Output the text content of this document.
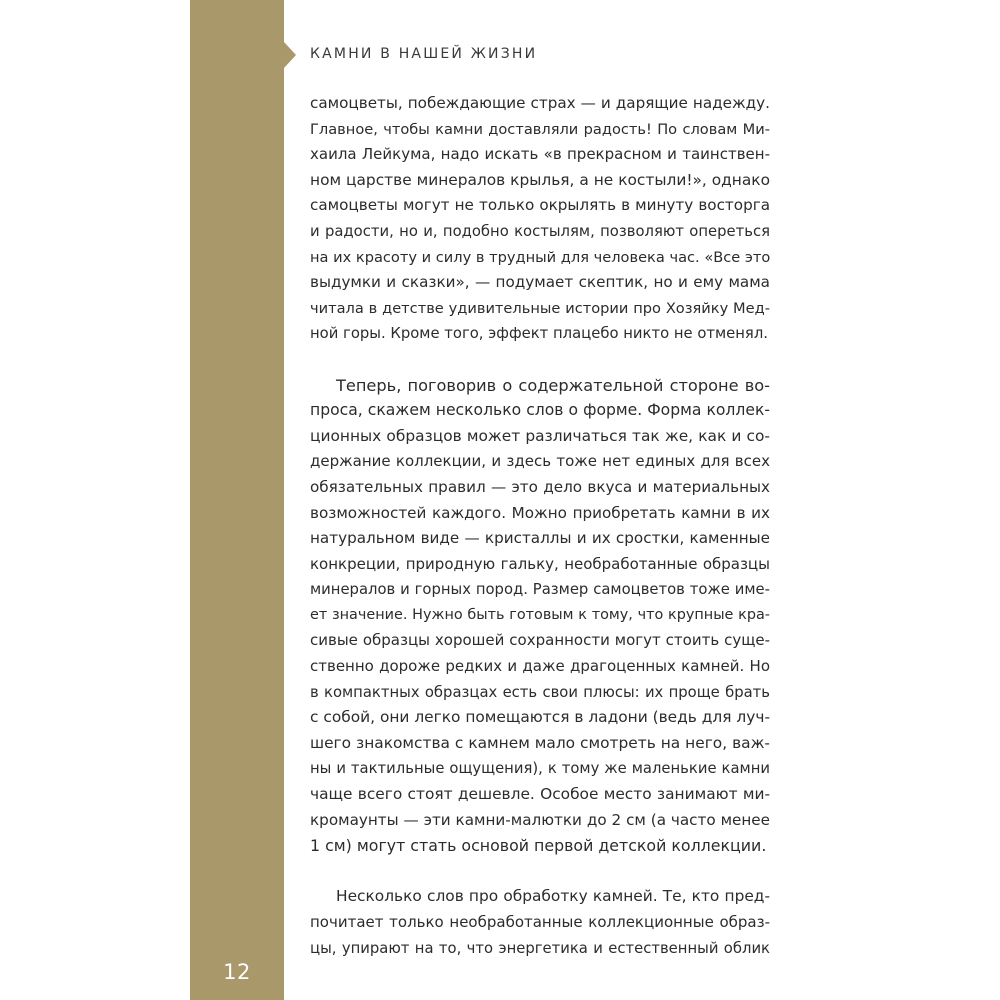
КАМНИ В НАШЕЙ ЖИЗНИ
12
самоцветы, побеждающие страх — и дарящие надежду.
Главное, чтобы камни доставляли радость! По словам Ми-
хаила Лейкума, надо искать «в прекрасном и таинствен-
ном царстве минералов крылья, а не костыли!», однако
самоцветы могут не только окрылять в минуту восторга
и радости, но и, подобно костылям, позволяют опереться
на их красоту и силу в трудный для человека час. «Все это
выдумки и сказки», — подумает скептик, но и ему мама
читала в детстве удивительные истории про Хозяйку Мед-
ной горы. Кроме того, эффект плацебо никто не отменял.
Теперь, поговорив о содержательной стороне во-
проса, скажем несколько слов о форме. Форма коллек-
ционных образцов может различаться так же, как и со-
держание коллекции, и здесь тоже нет единых для всех
обязательных правил — это дело вкуса и материальных
возможностей каждого. Можно приобретать камни в их
натуральном виде — кристаллы и их сростки, каменные
конкреции, природную гальку, необработанные образцы
минералов и горных пород. Размер самоцветов тоже име-
ет значение. Нужно быть готовым к тому, что крупные кра-
сивые образцы хорошей сохранности могут стоить суще-
ственно дороже редких и даже драгоценных камней. Но
в компактных образцах есть свои плюсы: их проще брать
с собой, они легко помещаются в ладони (ведь для луч-
шего знакомства с камнем мало смотреть на него, важ-
ны и тактильные ощущения), к тому же маленькие камни
чаще всего стоят дешевле. Особое место занимают ми-
кромаунты — эти камни-малютки до 2 см (а часто менее
1 см) могут стать основой первой детской коллекции.
Несколько слов про обработку камней. Те, кто пред-
почитает только необработанные коллекционные образ-
цы, упирают на то, что энергетика и естественный облик
